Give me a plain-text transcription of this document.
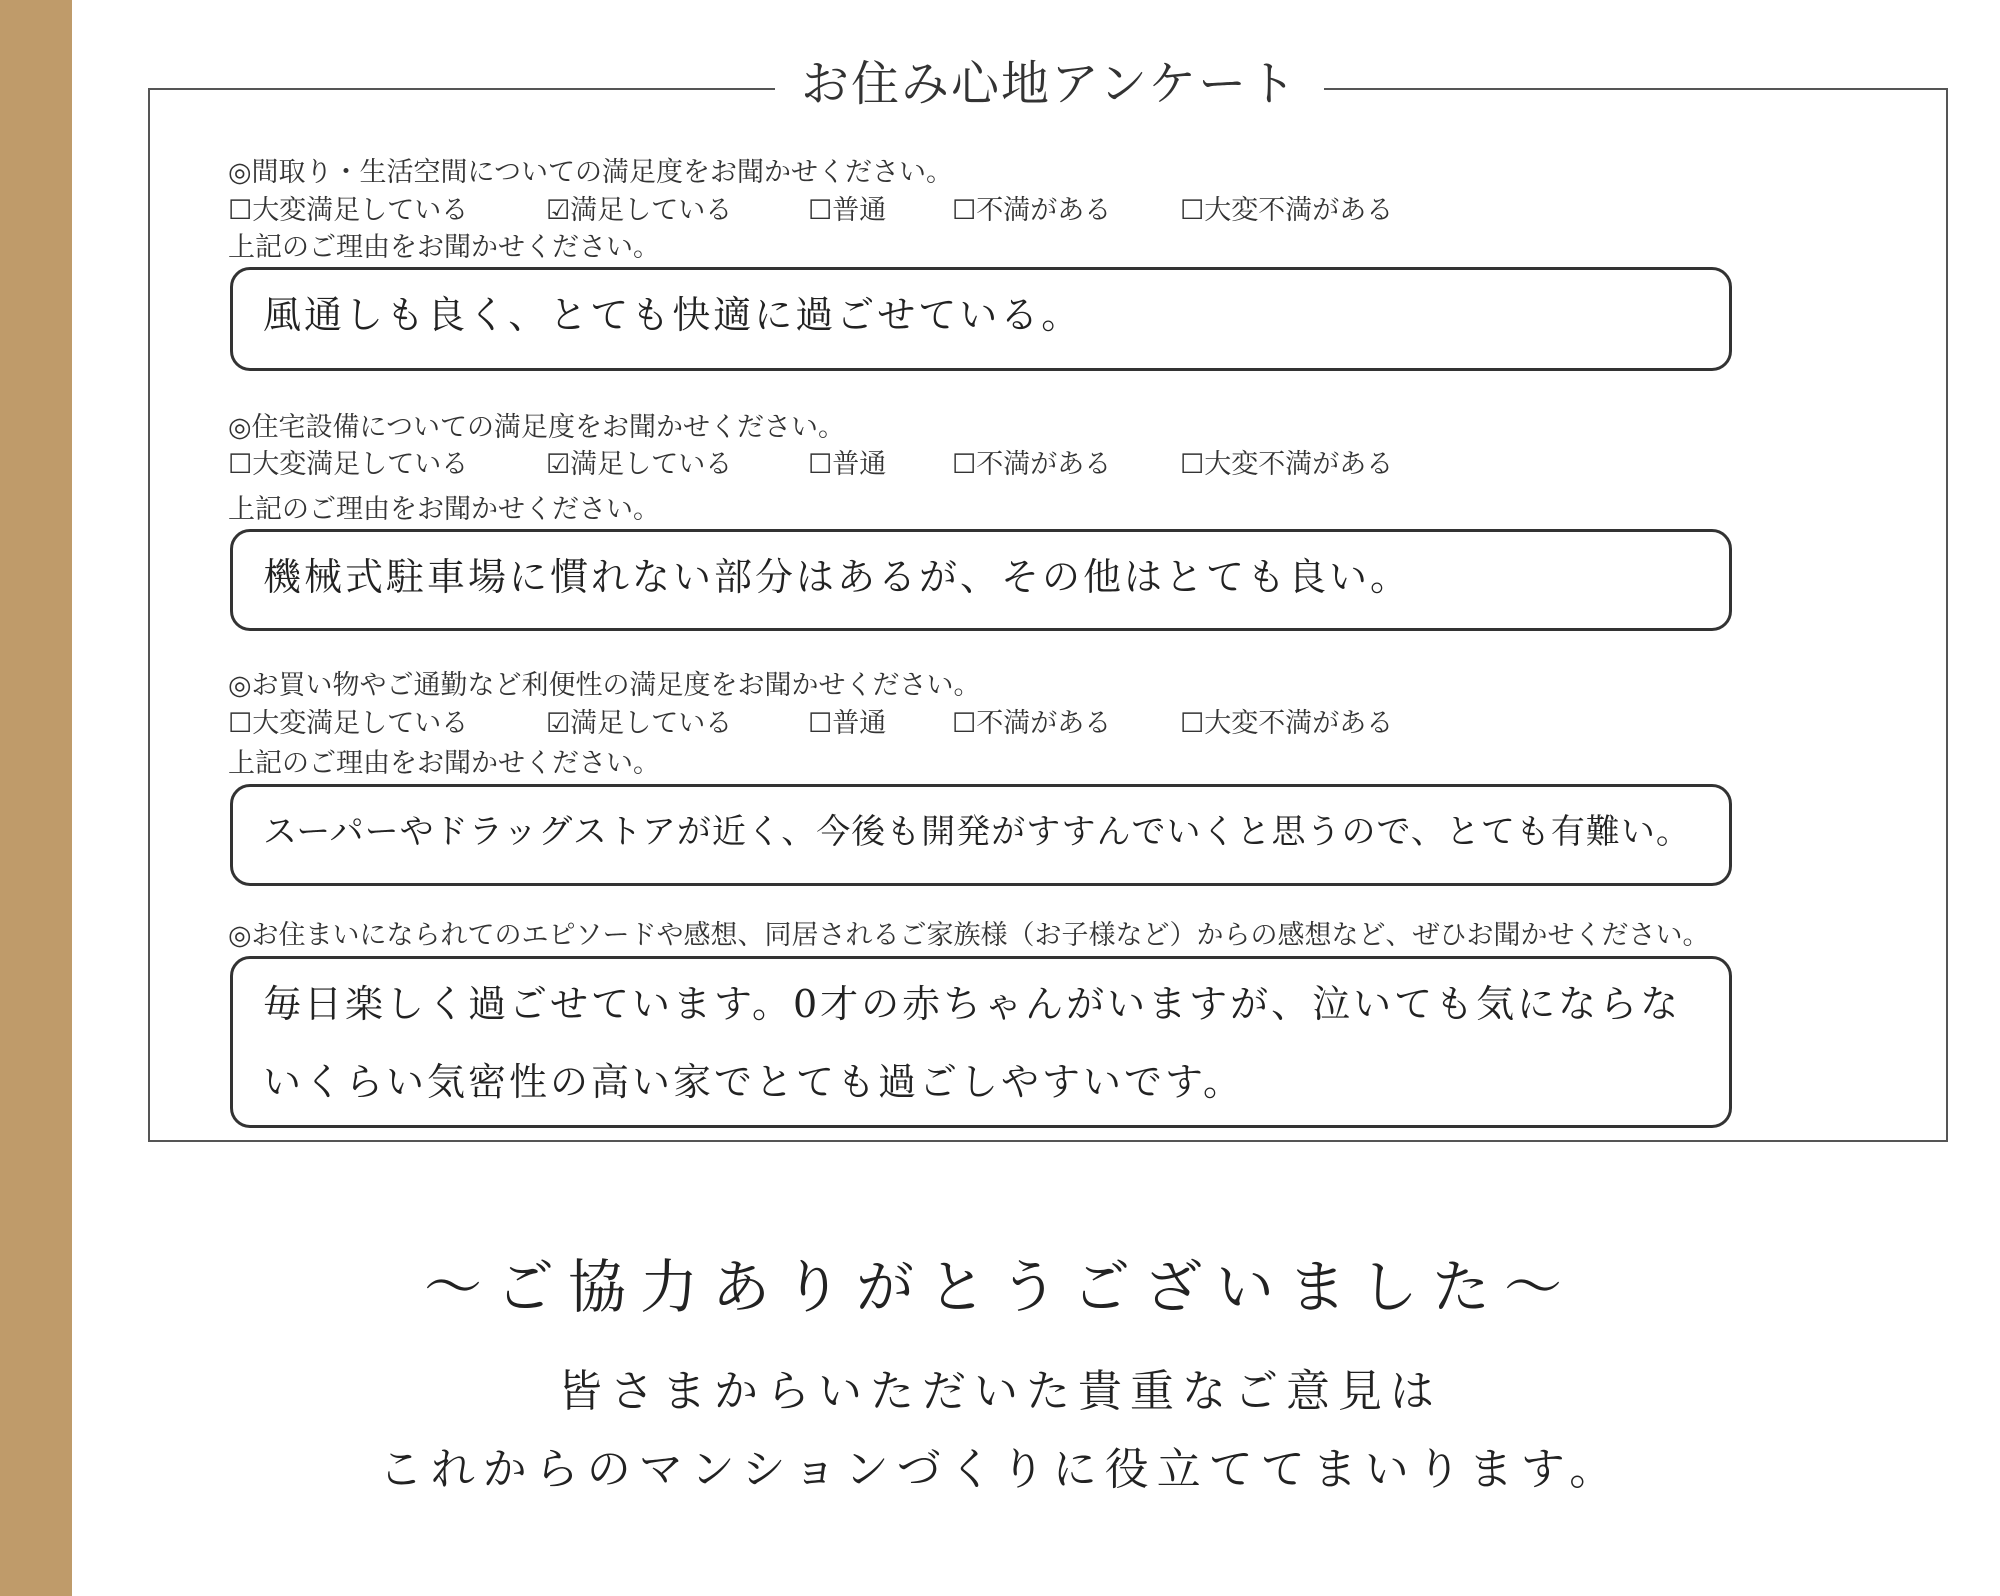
お住み心地アンケート
◎間取り・生活空間についての満足度をお聞かせください。
☐大変満足している	☑満足している	☐普通 ☐不満がある	☐大変不満がある
上記のご理由をお聞かせください。
風通しも良く、とても快適に過ごせている。
◎住宅設備についての満足度をお聞かせください。
☐大変満足している	☑満足している	☐普通 ☐不満がある	☐大変不満がある
上記のご理由をお聞かせください。
機械式駐車場に慣れない部分はあるが、その他はとても良い。
◎お買い物やご通勤など利便性の満足度をお聞かせください。
☐大変満足している	☑満足している	☐普通 ☐不満がある	☐大変不満がある
上記のご理由をお聞かせください。
スーパーやドラッグストアが近く、今後も開発がすすんでいくと思うので、とても有難い。
◎お住まいになられてのエピソードや感想、同居されるご家族様（お子様など）からの感想など、ぜひお聞かせください。
毎日楽しく過ごせています。0才の赤ちゃんがいますが、泣いても気にならないくらい気密性の高い家でとても過ごしやすいです。
〜ご協力ありがとうございました〜
皆さまからいただいた貴重なご意見は
これからのマンションづくりに役立ててまいります。
